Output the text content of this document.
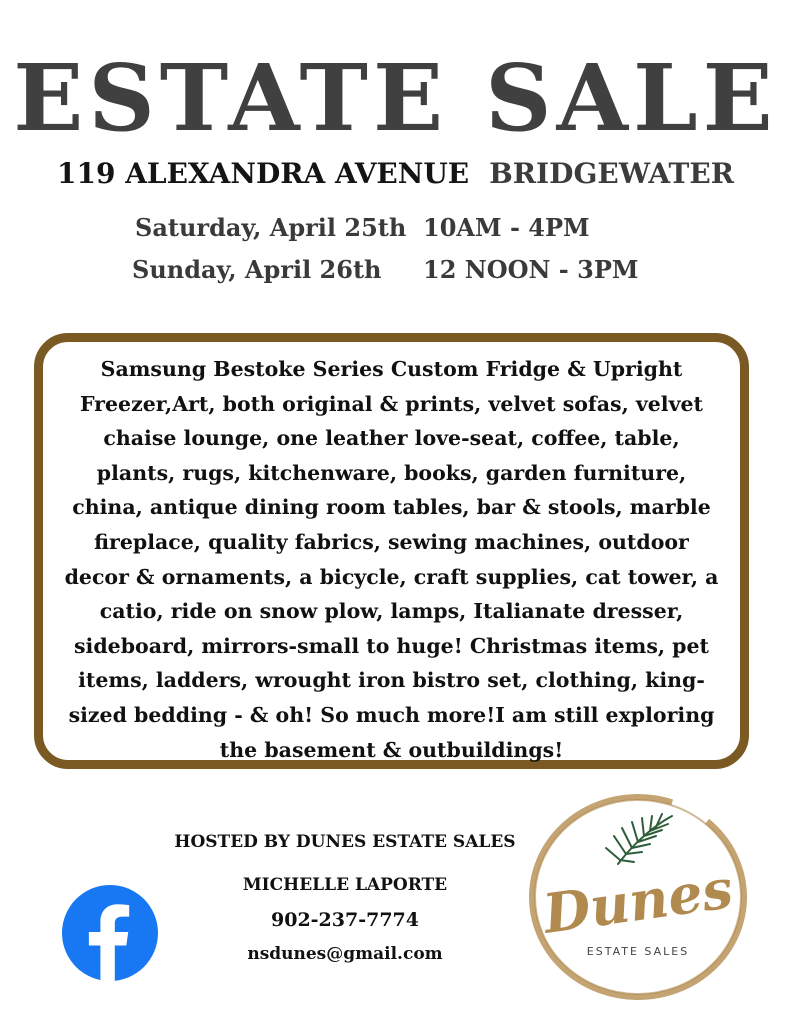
ESTATE SALE
119 ALEXANDRA AVENUE BRIDGEWATER
Saturday, April 25th 10AM - 4PM
Sunday, April 26th 12 NOON - 3PM
Samsung Bestoke Series Custom Fridge & Upright Freezer,Art, both original & prints, velvet sofas, velvet chaise lounge, one leather love-seat, coffee, table, plants, rugs, kitchenware, books, garden furniture, china, antique dining room tables, bar & stools, marble fireplace, quality fabrics, sewing machines, outdoor decor & ornaments, a bicycle, craft supplies, cat tower, a catio, ride on snow plow, lamps, Italianate dresser, sideboard, mirrors-small to huge! Christmas items, pet items, ladders, wrought iron bistro set, clothing, king-sized bedding - & oh! So much more!I am still exploring the basement & outbuildings!
HOSTED BY DUNES ESTATE SALES
MICHELLE LAPORTE
902-237-7774
nsdunes@gmail.com
Dunes
ESTATE SALES
